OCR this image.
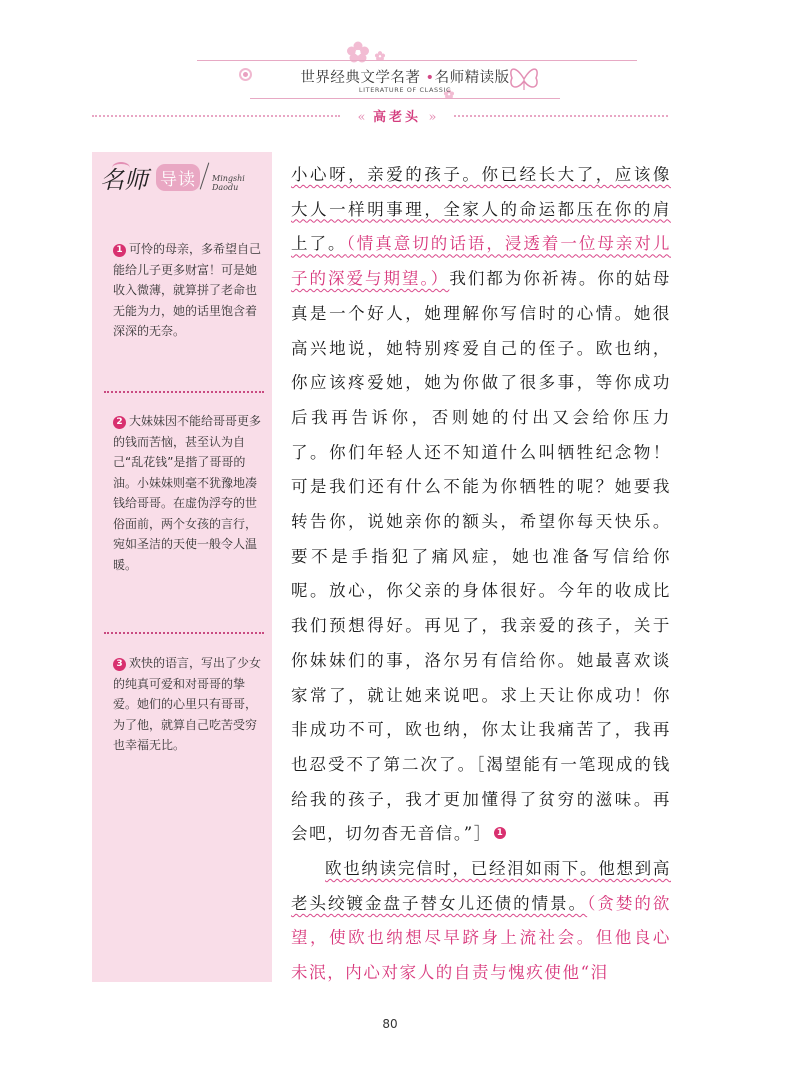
世界经典文学名著 •名师精读版
LITERATURE OF CLASSIC
« 高老头 »
名师 导读	Mingshi Daodu
1 可怜的母亲，多希望自己能给儿子更多财富！可是她收入微薄，就算拼了老命也无能为力，她的话里饱含着深深的无奈。
2 大妹妹因不能给哥哥更多的钱而苦恼，甚至认为自己“乱花钱”是揩了哥哥的油。小妹妹则毫不犹豫地凑钱给哥哥。在虚伪浮夸的世俗面前，两个女孩的言行，宛如圣洁的天使一般令人温暖。
3 欢快的语言，写出了少女的纯真可爱和对哥哥的挚爱。她们的心里只有哥哥，为了他，就算自己吃苦受穷也幸福无比。

小心呀，亲爱的孩子。你已经长大了，应该像大人一样明事理，全家人的命运都压在你的肩上了。（情真意切的话语，浸透着一位母亲对儿子的深爱与期望。）我们都为你祈祷。你的姑母真是一个好人，她理解你写信时的心情。她很高兴地说，她特别疼爱自己的侄子。欧也纳，你应该疼爱她，她为你做了很多事，等你成功后我再告诉你，否则她的付出又会给你压力了。你们年轻人还不知道什么叫牺牲纪念物！可是我们还有什么不能为你牺牲的呢？她要我转告你，说她亲你的额头，希望你每天快乐。要不是手指犯了痛风症，她也准备写信给你呢。放心，你父亲的身体很好。今年的收成比我们预想得好。再见了，我亲爱的孩子，关于你妹妹们的事，洛尔另有信给你。她最喜欢谈家常了，就让她来说吧。求上天让你成功！你非成功不可，欧也纳，你太让我痛苦了，我再也忍受不了第二次了。［渴望能有一笔现成的钱给我的孩子，我才更加懂得了贫穷的滋味。再会吧，切勿杳无音信。”］ 1

欧也纳读完信时，已经泪如雨下。他想到高老头绞镀金盘子替女儿还债的情景。（贪婪的欲望，使欧也纳想尽早跻身上流社会。但他良心未泯，内心对家人的自责与愧疚使他“泪

80
